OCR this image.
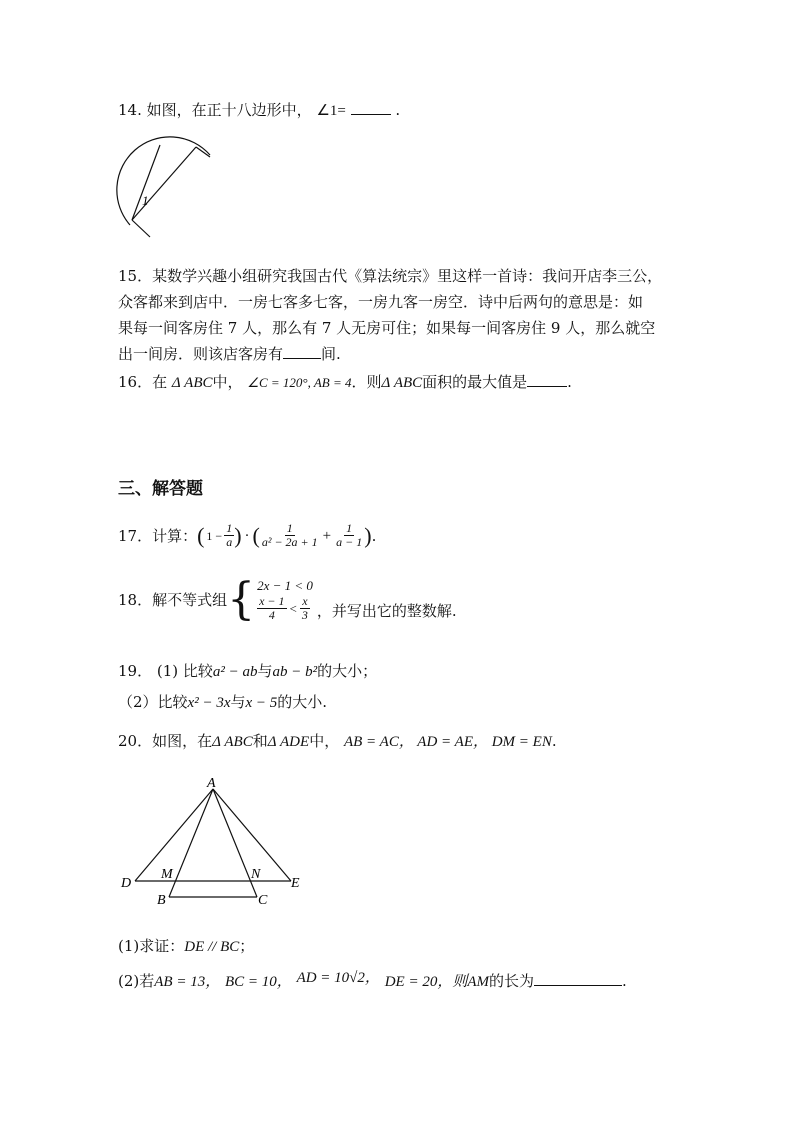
14. 如图，在正十八边形中， ∠1=	.
1
15．某数学兴趣小组研究我国古代《算法统宗》里这样一首诗：我问开店李三公，
众客都来到店中．一房七客多七客，一房九客一房空．诗中后两句的意思是：如
果每一间客房住 7 人，那么有 7 人无房可住；如果每一间客房住 9 人，那么就空
出一间房．则该店客房有	间.
16．在 Δ ABC中， ∠C = 120°, AB = 4．则Δ ABC面积的最大值是	.
三、解答题
17．计算： ( $1 - \frac{1}{a}$ ) · ( $\frac{1}{\text{a² − 2a + 1}} + \frac{1}{a - 1}$ ) .
18．解不等式组 { 2x − 1 < 0
$\frac{x - 1}{4} < \frac{x}{3}$ ，并写出它的整数解.
19． (1) 比较a² − ab与ab − b²的大小；
（2）比较x² − 3x与x − 5的大小.
20．如图，在Δ ABC和Δ ADE中， AB = AC， AD = AE， DM = EN.
A
D
M	N
E
B	C
(1)求证：DE // BC；
(2)若AB = 13， BC = 10， AD = 10√2， DE = 20，则AM的长为	.
